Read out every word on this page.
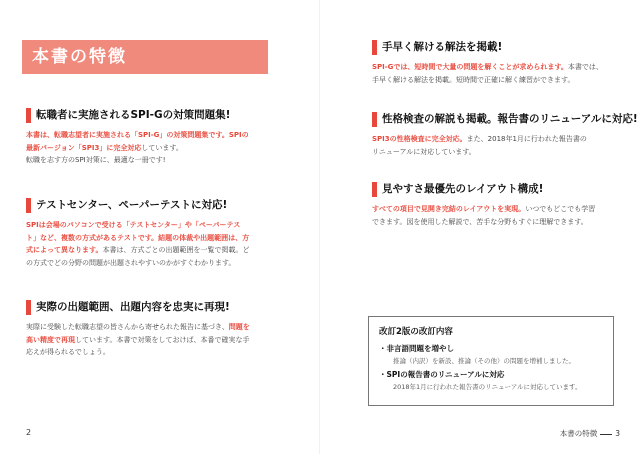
本書の特徴
2	本書の特徴 3
転職者に実施されるSPI-Gの対策問題集!

本書は、転職志望者に実施される「SPI-G」の対策問題集です。SPIの
最新バージョン「SPI3」に完全対応しています。
転職を志す方のSPI対策に、最適な一冊です!

テストセンター、ペーパーテストに対応!

SPIは会場のパソコンで受ける「テストセンター」や「ペーパーテス
ト」など、複数の方式があるテストです。結題の体裁や出題範囲は、方
式によって異なります。本書は、方式ごとの出題範囲を一覧で掲載。ど
の方式でどの分野の問題が出題されやすいのかがすぐわかります。

実際の出題範囲、出題内容を忠実に再現!

実際に受験した転職志望の皆さんから寄せられた報告に基づき、問題を
高い精度で再現しています。本書で対策をしておけば、本番で確実な手
応えが得られるでしょう。

手早く解ける解法を掲載!

SPI-Gでは、短時間で大量の問題を解くことが求められます。本書では、
手早く解ける解法を掲載。短時間で正確に解く練習ができます。

性格検査の解説も掲載。報告書のリニューアルに対応!

SPI3の性格検査に完全対応。また、2018年1月に行われた報告書の
リニューアルに対応しています。

見やすさ最優先のレイアウト構成!

すべての項目で見開き完結のレイアウトを実現。いつでもどこでも学習
できます。図を使用した解説で、苦手な分野もすぐに理解できます。

改訂2版の改訂内容
・ 非言語問題を増やし
推論（内訳）を新設、推論（その他）の問題を増補しました。
・ SPIの報告書のリニューアルに対応
2018年1月に行われた報告書のリニューアルに対応しています。
